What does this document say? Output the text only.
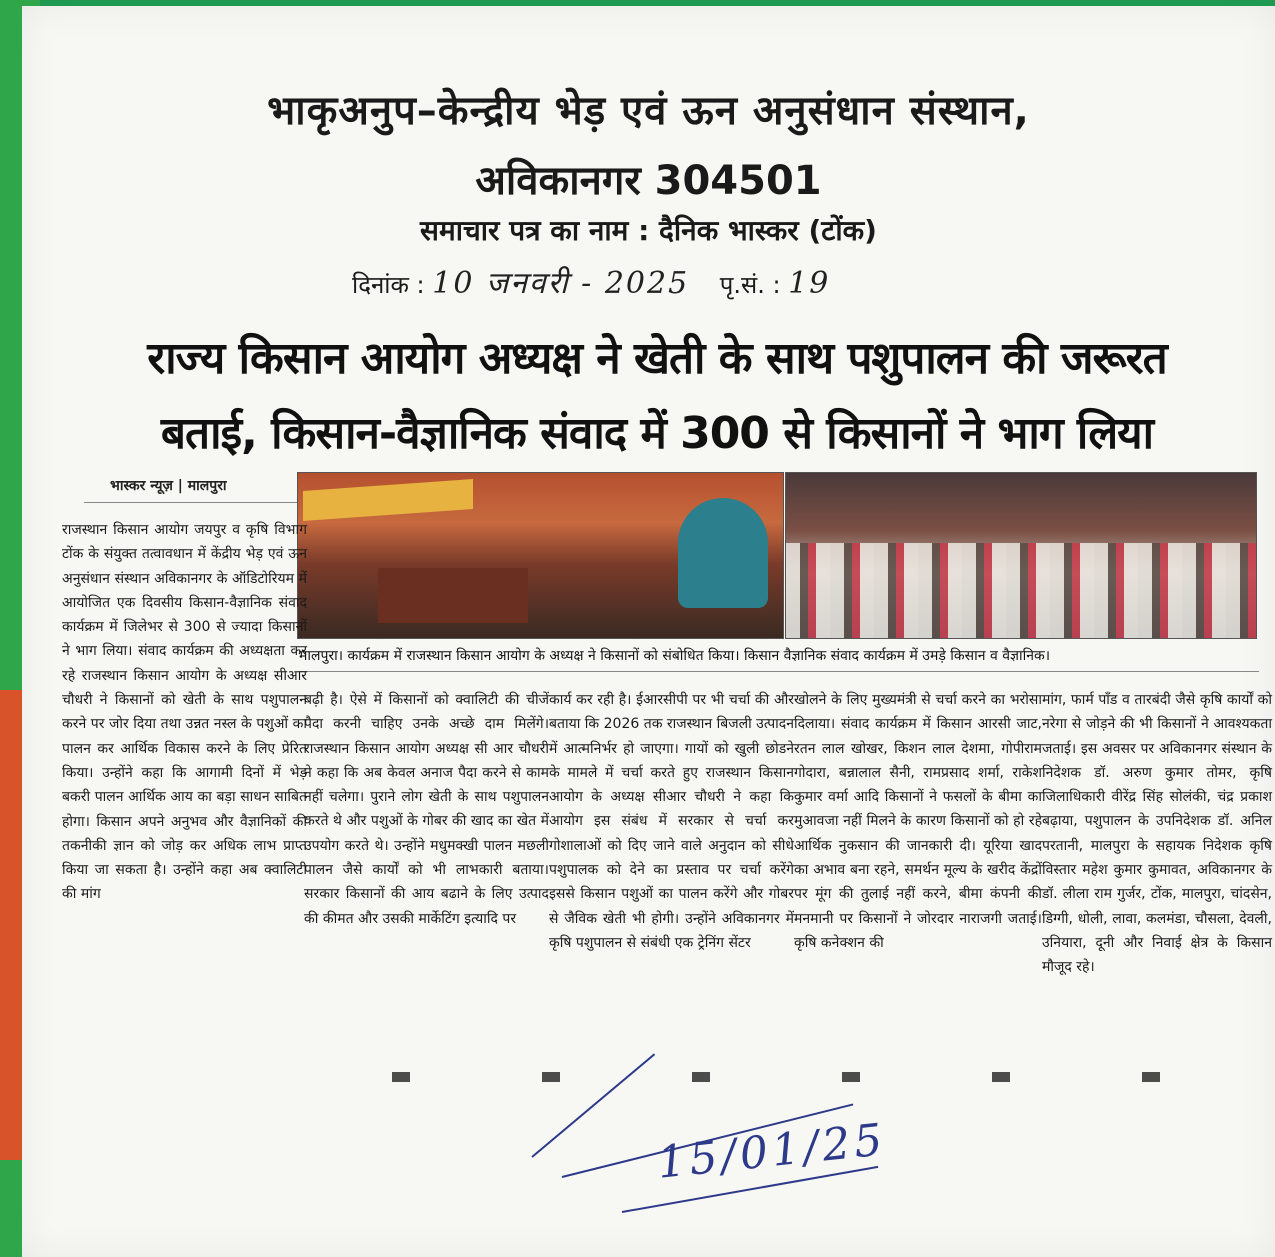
भाकृअनुप–केन्द्रीय भेड़ एवं ऊन अनुसंधान संस्थान,
अविकानगर 304501
समाचार पत्र का नाम : दैनिक भास्कर (टोंक)
दिनांक : 10 जनवरी - 2025 पृ.सं. : 19
राज्य किसान आयोग अध्यक्ष ने खेती के साथ पशुपालन की जरूरत
बताई, किसान-वैज्ञानिक संवाद में 300 से किसानों ने भाग लिया
भास्कर न्यूज़ | मालपुरा
मालपुरा। कार्यक्रम में राजस्थान किसान आयोग के अध्यक्ष ने किसानों को संबोधित किया। किसान वैज्ञानिक संवाद कार्यक्रम में उमड़े किसान व वैज्ञानिक।

राजस्थान किसान आयोग जयपुर व कृषि विभाग टोंक के संयुक्त तत्वावधान में केंद्रीय भेड़ एवं ऊन अनुसंधान संस्थान अविकानगर के ऑडिटोरियम में आयोजित एक दिवसीय किसान-वैज्ञानिक संवाद कार्यक्रम में जिलेभर से 300 से ज्यादा किसानों ने भाग लिया। संवाद कार्यक्रम की अध्यक्षता कर रहे राजस्थान किसान आयोग के अध्यक्ष सीआर चौधरी ने किसानों को खेती के साथ पशुपालन करने पर जोर दिया तथा उन्नत नस्ल के पशुओं का पालन कर आर्थिक विकास करने के लिए प्रेरित किया। उन्होंने कहा कि आगामी दिनों में भेड़ बकरी पालन आर्थिक आय का बड़ा साधन साबित होगा। किसान अपने अनुभव और वैज्ञानिकों की तकनीकी ज्ञान को जोड़ कर अधिक लाभ प्राप्त किया जा सकता है। उन्होंने कहा अब क्वालिटी की मांग

बढ़ी है। ऐसे में किसानों को क्वालिटी की चीजें पैदा करनी चाहिए उनके अच्छे दाम मिलेंगे। राजस्थान किसान आयोग अध्यक्ष सी आर चौधरी ने कहा कि अब केवल अनाज पैदा करने से काम नहीं चलेगा। पुराने लोग खेती के साथ पशुपालन करते थे और पशुओं के गोबर की खाद का खेत में उपयोग करते थे। उन्होंने मधुमक्खी पालन मछली पालन जैसे कार्यों को भी लाभकारी बताया। सरकार किसानों की आय बढाने के लिए उत्पाद की कीमत और उसकी मार्केटिंग इत्यादि पर

कार्य कर रही है। ईआरसीपी पर भी चर्चा की और बताया कि 2026 तक राजस्थान बिजली उत्पादन में आत्मनिर्भर हो जाएगा। गायों को खुली छोडने के मामले में चर्चा करते हुए राजस्थान किसान आयोग के अध्यक्ष सीआर चौधरी ने कहा कि आयोग इस संबंध में सरकार से चर्चा कर गोशालाओं को दिए जाने वाले अनुदान को सीधे पशुपालक को देने का प्रस्ताव पर चर्चा करेंगे इससे किसान पशुओं का पालन करेंगे और गोबर से जैविक खेती भी होगी। उन्होंने अविकानगर में कृषि पशुपालन से संबंधी एक ट्रेनिंग सेंटर

खोलने के लिए मुख्यमंत्री से चर्चा करने का भरोसा दिलाया। संवाद कार्यक्रम में किसान आरसी जाट, रतन लाल खोखर, किशन लाल देशमा, गोपीराम गोदारा, बन्नालाल सैनी, रामप्रसाद शर्मा, राकेश कुमार वर्मा आदि किसानों ने फसलों के बीमा का मुआवजा नहीं मिलने के कारण किसानों को हो रहे आर्थिक नुकसान की जानकारी दी। यूरिया खाद का अभाव बना रहने, समर्थन मूल्य के खरीद केंद्रों पर मूंग की तुलाई नहीं करने, बीमा कंपनी की मनमानी पर किसानों ने जोरदार नाराजगी जताई। कृषि कनेक्शन की

मांग, फार्म पॉंड व तारबंदी जैसे कृषि कार्यों को नरेगा से जोड़ने की भी किसानों ने आवश्यकता जताई। इस अवसर पर अविकानगर संस्थान के निदेशक डॉ. अरुण कुमार तोमर, कृषि जिलाधिकारी वीरेंद्र सिंह सोलंकी, चंद्र प्रकाश बढ़ाया, पशुपालन के उपनिदेशक डॉ. अनिल परतानी, मालपुरा के सहायक निदेशक कृषि विस्तार महेश कुमार कुमावत, अविकानगर के डॉ. लीला राम गुर्जर, टोंक, मालपुरा, चांदसेन, डिग्गी, धोली, लावा, कलमंडा, चौसला, देवली, उनियारा, दूनी और निवाई क्षेत्र के किसान मौजूद रहे।

15/01/25
